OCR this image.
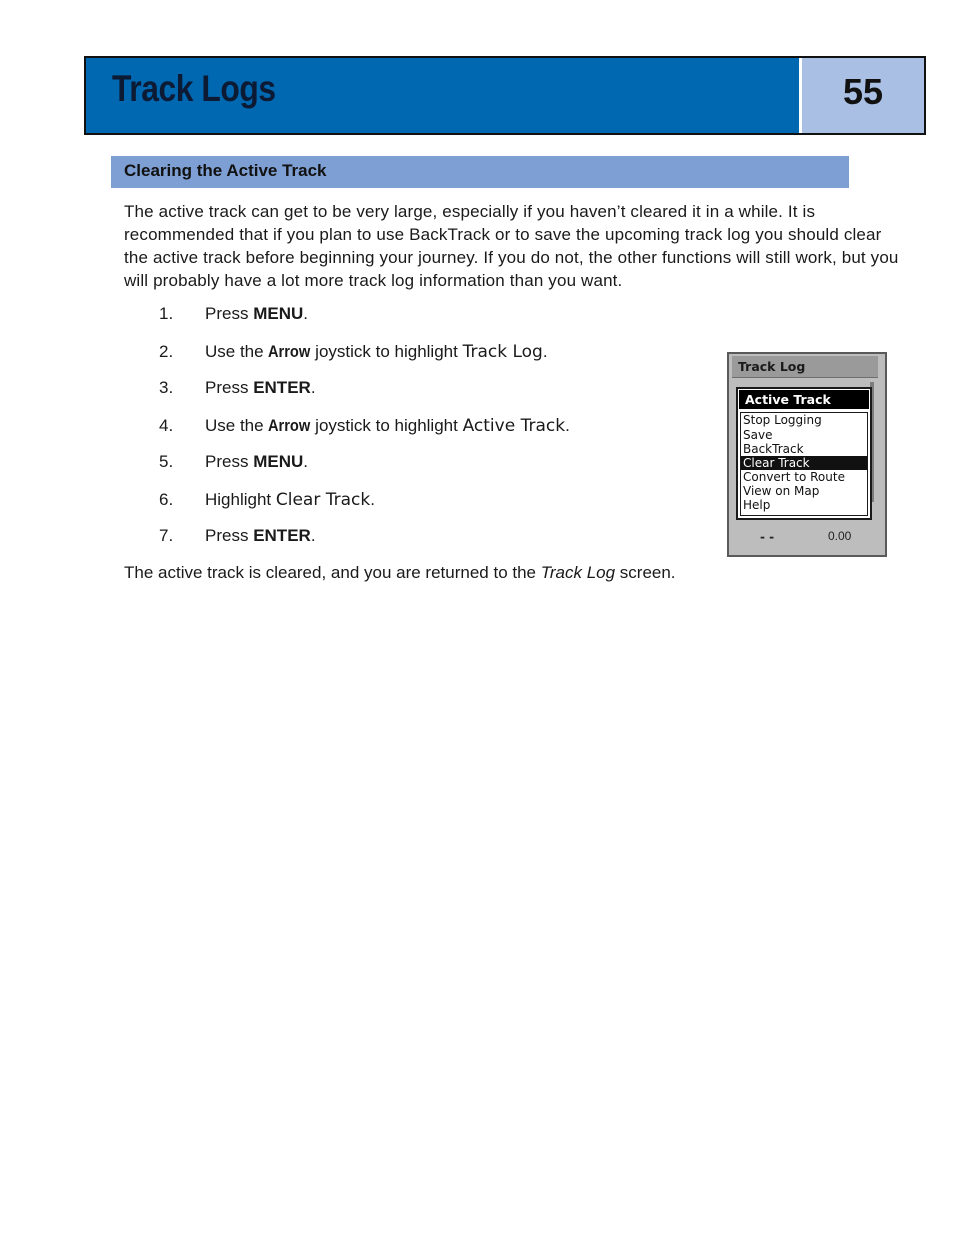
Track Logs	55
Clearing the Active Track

The active track can get to be very large, especially if you haven’t cleared it in a while. It is recommended that if you plan to use BackTrack or to save the upcoming track log you should clear the active track before beginning your journey. If you do not, the other functions will still work, but you will probably have a lot more track log information than you want.

1.	Press MENU.
2.	Use the Arrow joystick to highlight Track Log.
3.	Press ENTER.
4.	Use the Arrow joystick to highlight Active Track.
5.	Press MENU.
6.	Highlight Clear Track.
7.	Press ENTER.

The active track is cleared, and you are returned to the Track Log screen.

Track Log
Active Track
Stop Logging
Save
BackTrack
Clear Track
Convert to Route
View on Map
Help
- -	0.00
